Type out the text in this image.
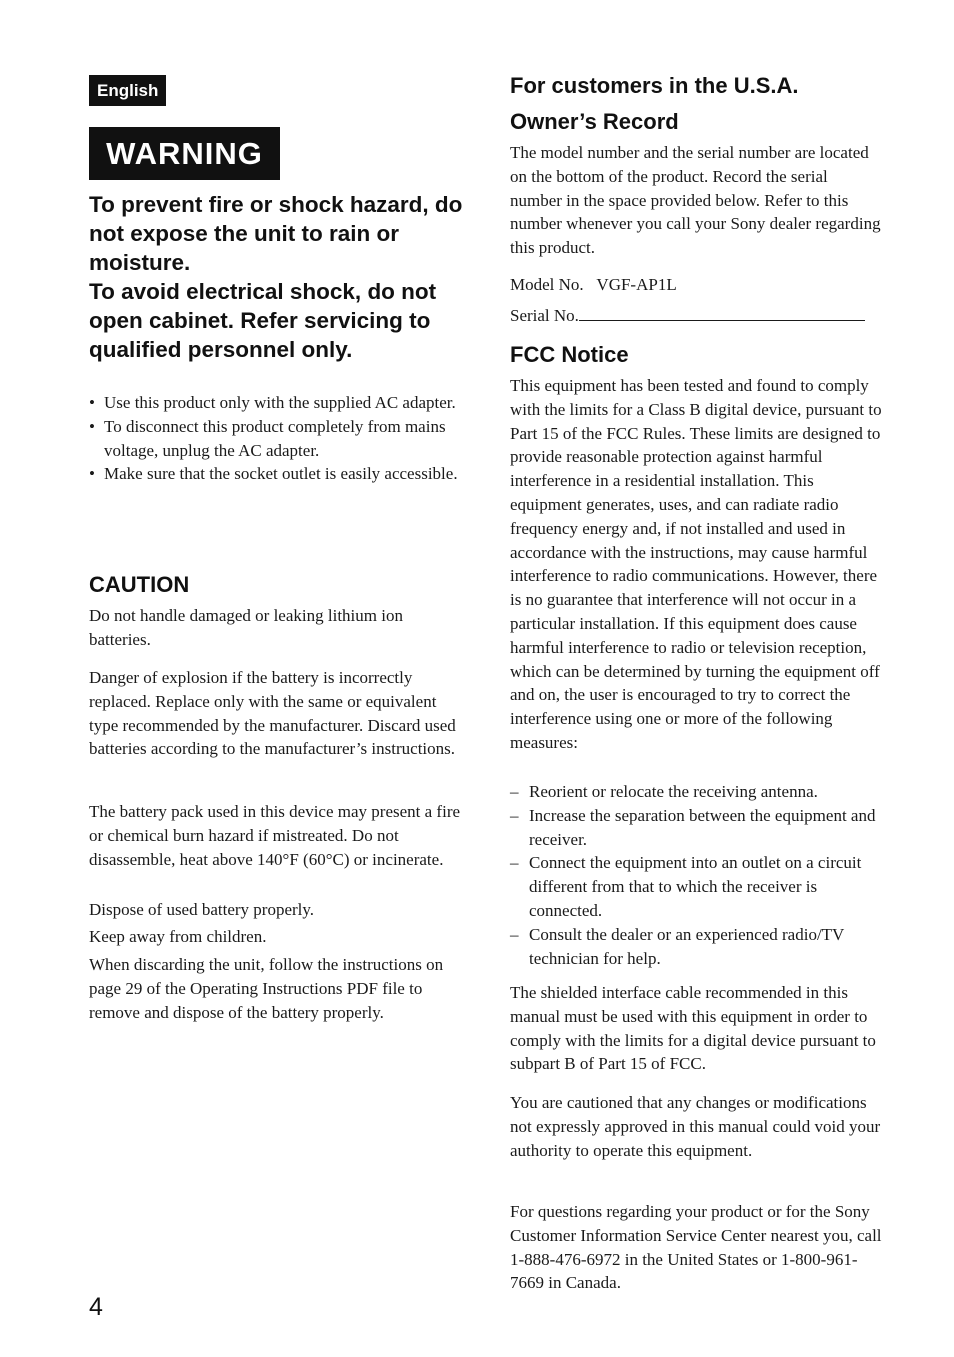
English
WARNING

To prevent fire or shock hazard, do not expose the unit to rain or moisture.

To avoid electrical shock, do not open cabinet. Refer servicing to qualified personnel only.

• Use this product only with the supplied AC adapter.
• To disconnect this product completely from mains voltage, unplug the AC adapter.
• Make sure that the socket outlet is easily accessible.
CAUTION

Do not handle damaged or leaking lithium ion batteries.

Danger of explosion if the battery is incorrectly replaced. Replace only with the same or equivalent type recommended by the manufacturer. Discard used batteries according to the manufacturer’s instructions.

The battery pack used in this device may present a fire or chemical burn hazard if mistreated. Do not disassemble, heat above 140°F (60°C) or incinerate.

Dispose of used battery properly.

Keep away from children.

When discarding the unit, follow the instructions on page 29 of the Operating Instructions PDF file to remove and dispose of the battery properly.

4
For customers in the U.S.A.
Owner’s Record

The model number and the serial number are located on the bottom of the product. Record the serial number in the space provided below. Refer to this number whenever you call your Sony dealer regarding this product.

Model No. VGF-AP1L
Serial No.
FCC Notice

This equipment has been tested and found to comply with the limits for a Class B digital device, pursuant to Part 15 of the FCC Rules. These limits are designed to provide reasonable protection against harmful interference in a residential installation. This equipment generates, uses, and can radiate radio frequency energy and, if not installed and used in accordance with the instructions, may cause harmful interference to radio communications. However, there is no guarantee that interference will not occur in a particular installation. If this equipment does cause harmful interference to radio or television reception, which can be determined by turning the equipment off and on, the user is encouraged to try to correct the interference using one or more of the following measures:

– Reorient or relocate the receiving antenna.
– Increase the separation between the equipment and receiver.
– Connect the equipment into an outlet on a circuit different from that to which the receiver is connected.
– Consult the dealer or an experienced radio/TV technician for help.

The shielded interface cable recommended in this manual must be used with this equipment in order to comply with the limits for a digital device pursuant to subpart B of Part 15 of FCC.

You are cautioned that any changes or modifications not expressly approved in this manual could void your authority to operate this equipment.

For questions regarding your product or for the Sony Customer Information Service Center nearest you, call 1-888-476-6972 in the United States or 1-800-961-7669 in Canada.
